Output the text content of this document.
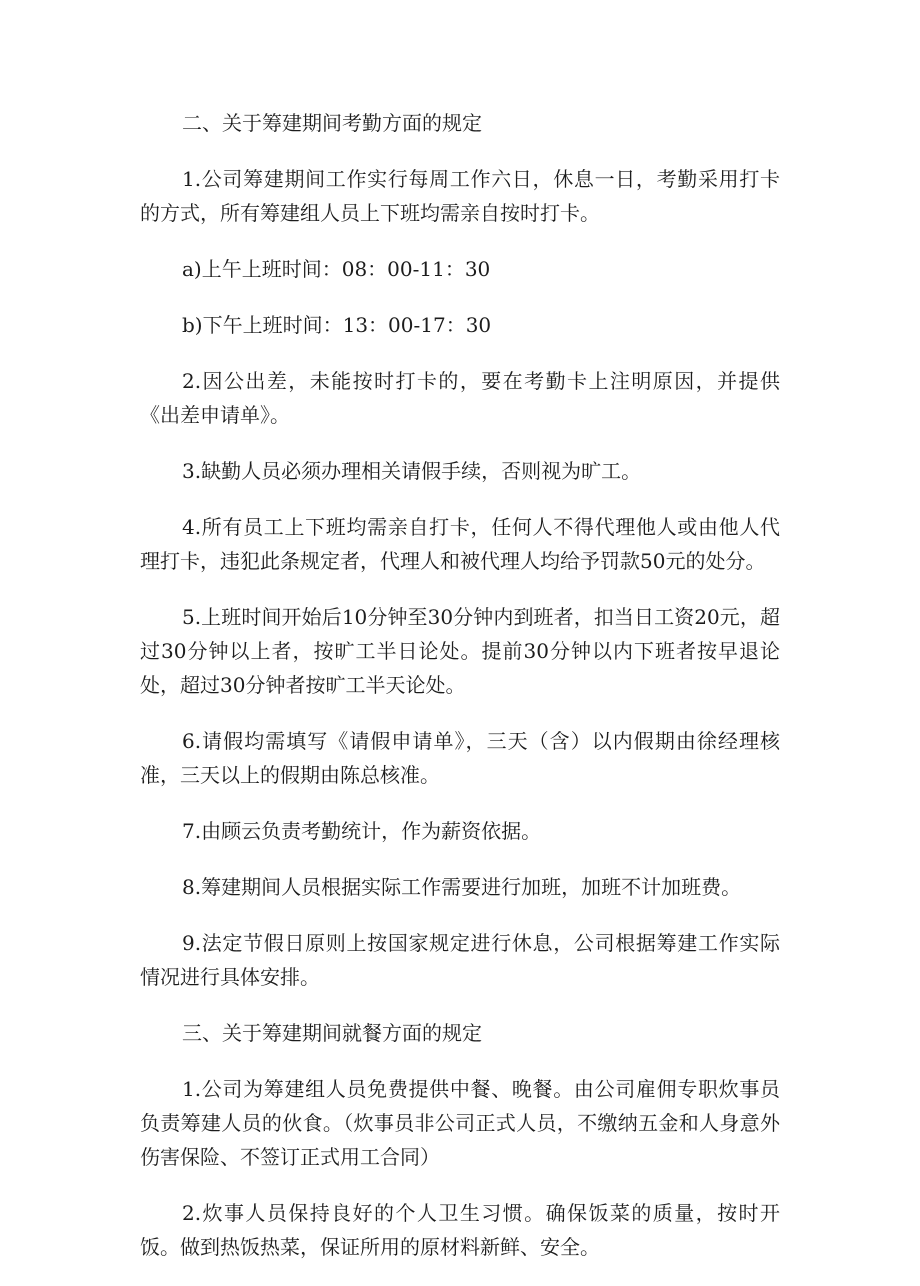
二、关于筹建期间考勤方面的规定

1.公司筹建期间工作实行每周工作六日，休息一日，考勤采用打卡的方式，所有筹建组人员上下班均需亲自按时打卡。

a)上午上班时间：08：00-11：30

b)下午上班时间：13：00-17：30

2.因公出差，未能按时打卡的，要在考勤卡上注明原因，并提供《出差申请单》。

3.缺勤人员必须办理相关请假手续，否则视为旷工。

4.所有员工上下班均需亲自打卡，任何人不得代理他人或由他人代理打卡，违犯此条规定者，代理人和被代理人均给予罚款50元的处分。

5.上班时间开始后10分钟至30分钟内到班者，扣当日工资20元，超过30分钟以上者，按旷工半日论处。提前30分钟以内下班者按早退论处，超过30分钟者按旷工半天论处。

6.请假均需填写《请假申请单》，三天（含）以内假期由徐经理核准，三天以上的假期由陈总核准。

7.由顾云负责考勤统计，作为薪资依据。

8.筹建期间人员根据实际工作需要进行加班，加班不计加班费。

9.法定节假日原则上按国家规定进行休息，公司根据筹建工作实际情况进行具体安排。

三、关于筹建期间就餐方面的规定

1.公司为筹建组人员免费提供中餐、晚餐。由公司雇佣专职炊事员负责筹建人员的伙食。（炊事员非公司正式人员，不缴纳五金和人身意外伤害保险、不签订正式用工合同）

2.炊事人员保持良好的个人卫生习惯。确保饭菜的质量，按时开饭。做到热饭热菜，保证所用的原材料新鲜、安全。
